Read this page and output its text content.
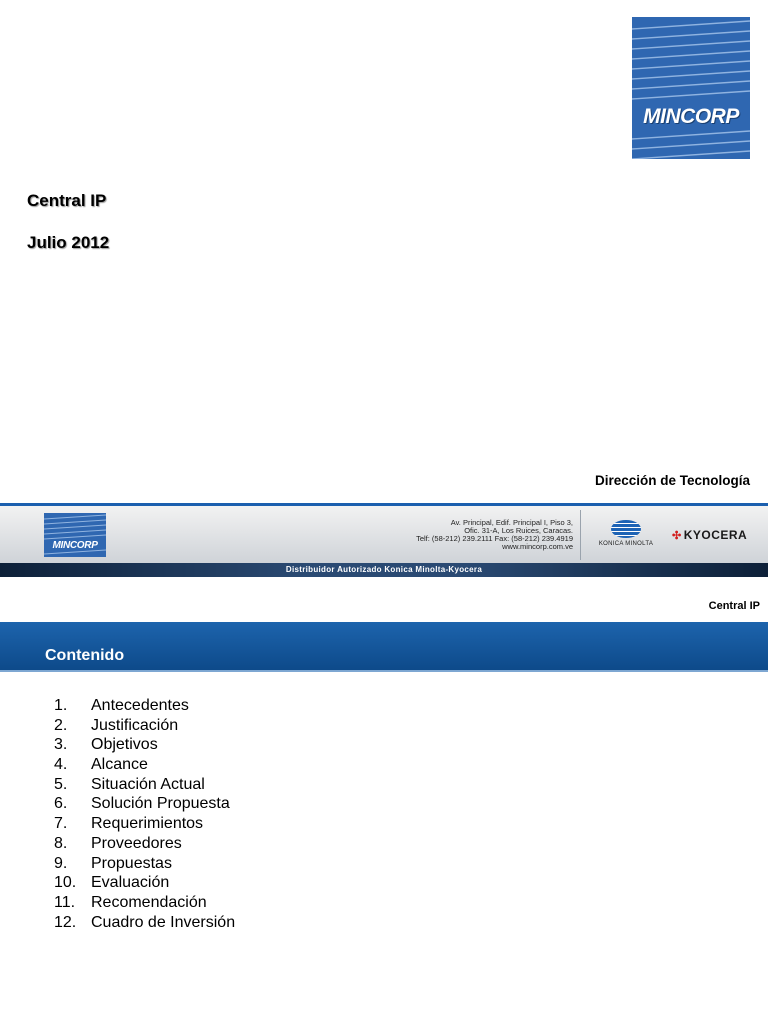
MINCORP
Central IP
Julio 2012
Dirección de Tecnología
MINCORP
Av. Principal, Edif. Principal I, Piso 3,
Ofic. 31-A, Los Ruices, Caracas.
Telf: (58-212) 239.2111 Fax: (58-212) 239.4919
www.mincorp.com.ve	KONICA MINOLTA
✣ KYOCERA
Distribuidor Autorizado Konica Minolta-Kyocera
Central IP
Contenido
1. Antecedentes
2. Justificación
3. Objetivos
4. Alcance
5. Situación Actual
6. Solución Propuesta
7. Requerimientos
8. Proveedores
9. Propuestas
10. Evaluación
11. Recomendación
12. Cuadro de Inversión
